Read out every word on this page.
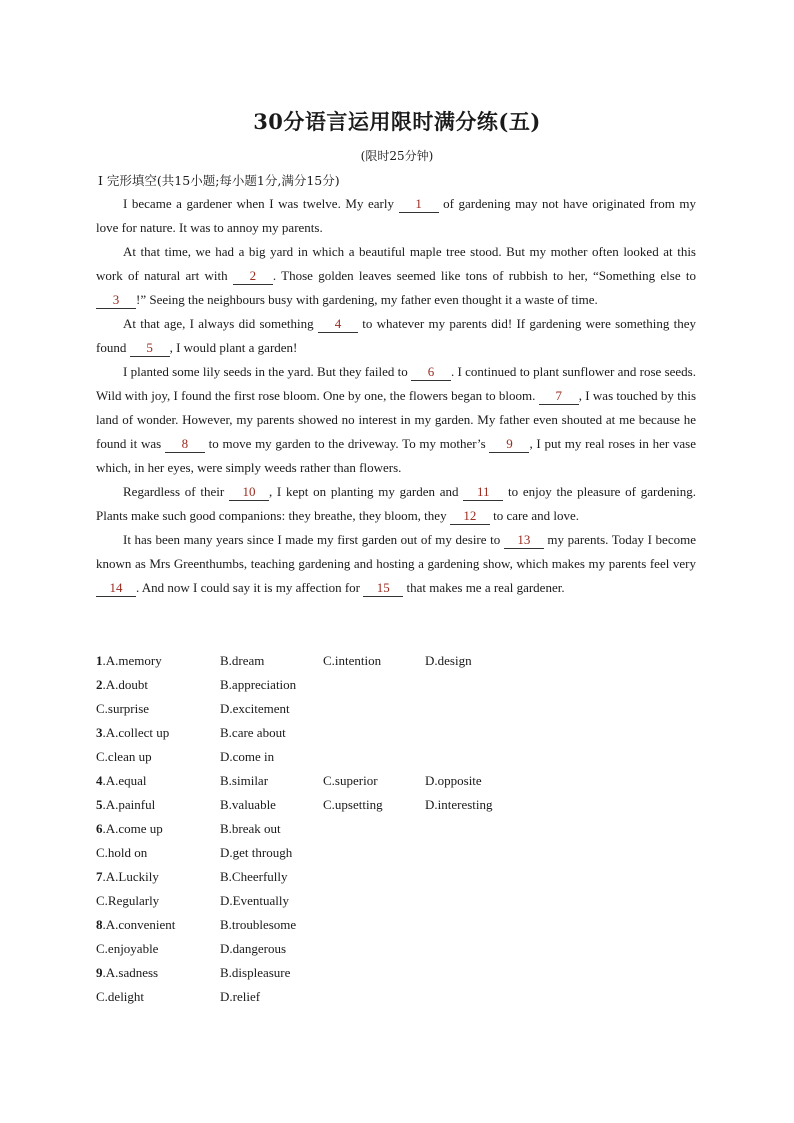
30分语言运用限时满分练(五)
(限时25分钟)
Ⅰ 完形填空(共15小题;每小题1分,满分15分)

I became a gardener when I was twelve. My early 1 of gardening may not have originated from my love for nature. It was to annoy my parents.

At that time, we had a big yard in which a beautiful maple tree stood. But my mother often looked at this work of natural art with 2 . Those golden leaves seemed like tons of rubbish to her, “Something else to 3 !” Seeing the neighbours busy with gardening, my father even thought it a waste of time.

At that age, I always did something 4 to whatever my parents did! If gardening were something they found 5 , I would plant a garden!

I planted some lily seeds in the yard. But they failed to 6 . I continued to plant sunflower and rose seeds. Wild with joy, I found the first rose bloom. One by one, the flowers began to bloom. 7 , I was touched by this land of wonder. However, my parents showed no interest in my garden. My father even shouted at me because he found it was 8 to move my garden to the driveway. To my mother’s 9 , I put my real roses in her vase which, in her eyes, were simply weeds rather than flowers.

Regardless of their 10 , I kept on planting my garden and 11 to enjoy the pleasure of gardening. Plants make such good companions: they breathe, they bloom, they 12 to care and love.

It has been many years since I made my first garden out of my desire to 13 my parents. Today I become known as Mrs Greenthumbs, teaching gardening and hosting a gardening show, which makes my parents feel very 14 . And now I could say it is my affection for 15 that makes me a real gardener.

1.A.memory	B.dream	C.intention	D.design
2.A.doubt	B.appreciation
C.surprise	D.excitement
3.A.collect up	B.care about
C.clean up	D.come in
4.A.equal	B.similar	C.superior	D.opposite
5.A.painful	B.valuable	C.upsetting	D.interesting
6.A.come up	B.break out
C.hold on	D.get through
7.A.Luckily	B.Cheerfully
C.Regularly	D.Eventually
8.A.convenient	B.troublesome
C.enjoyable	D.dangerous
9.A.sadness	B.displeasure
C.delight	D.relief
